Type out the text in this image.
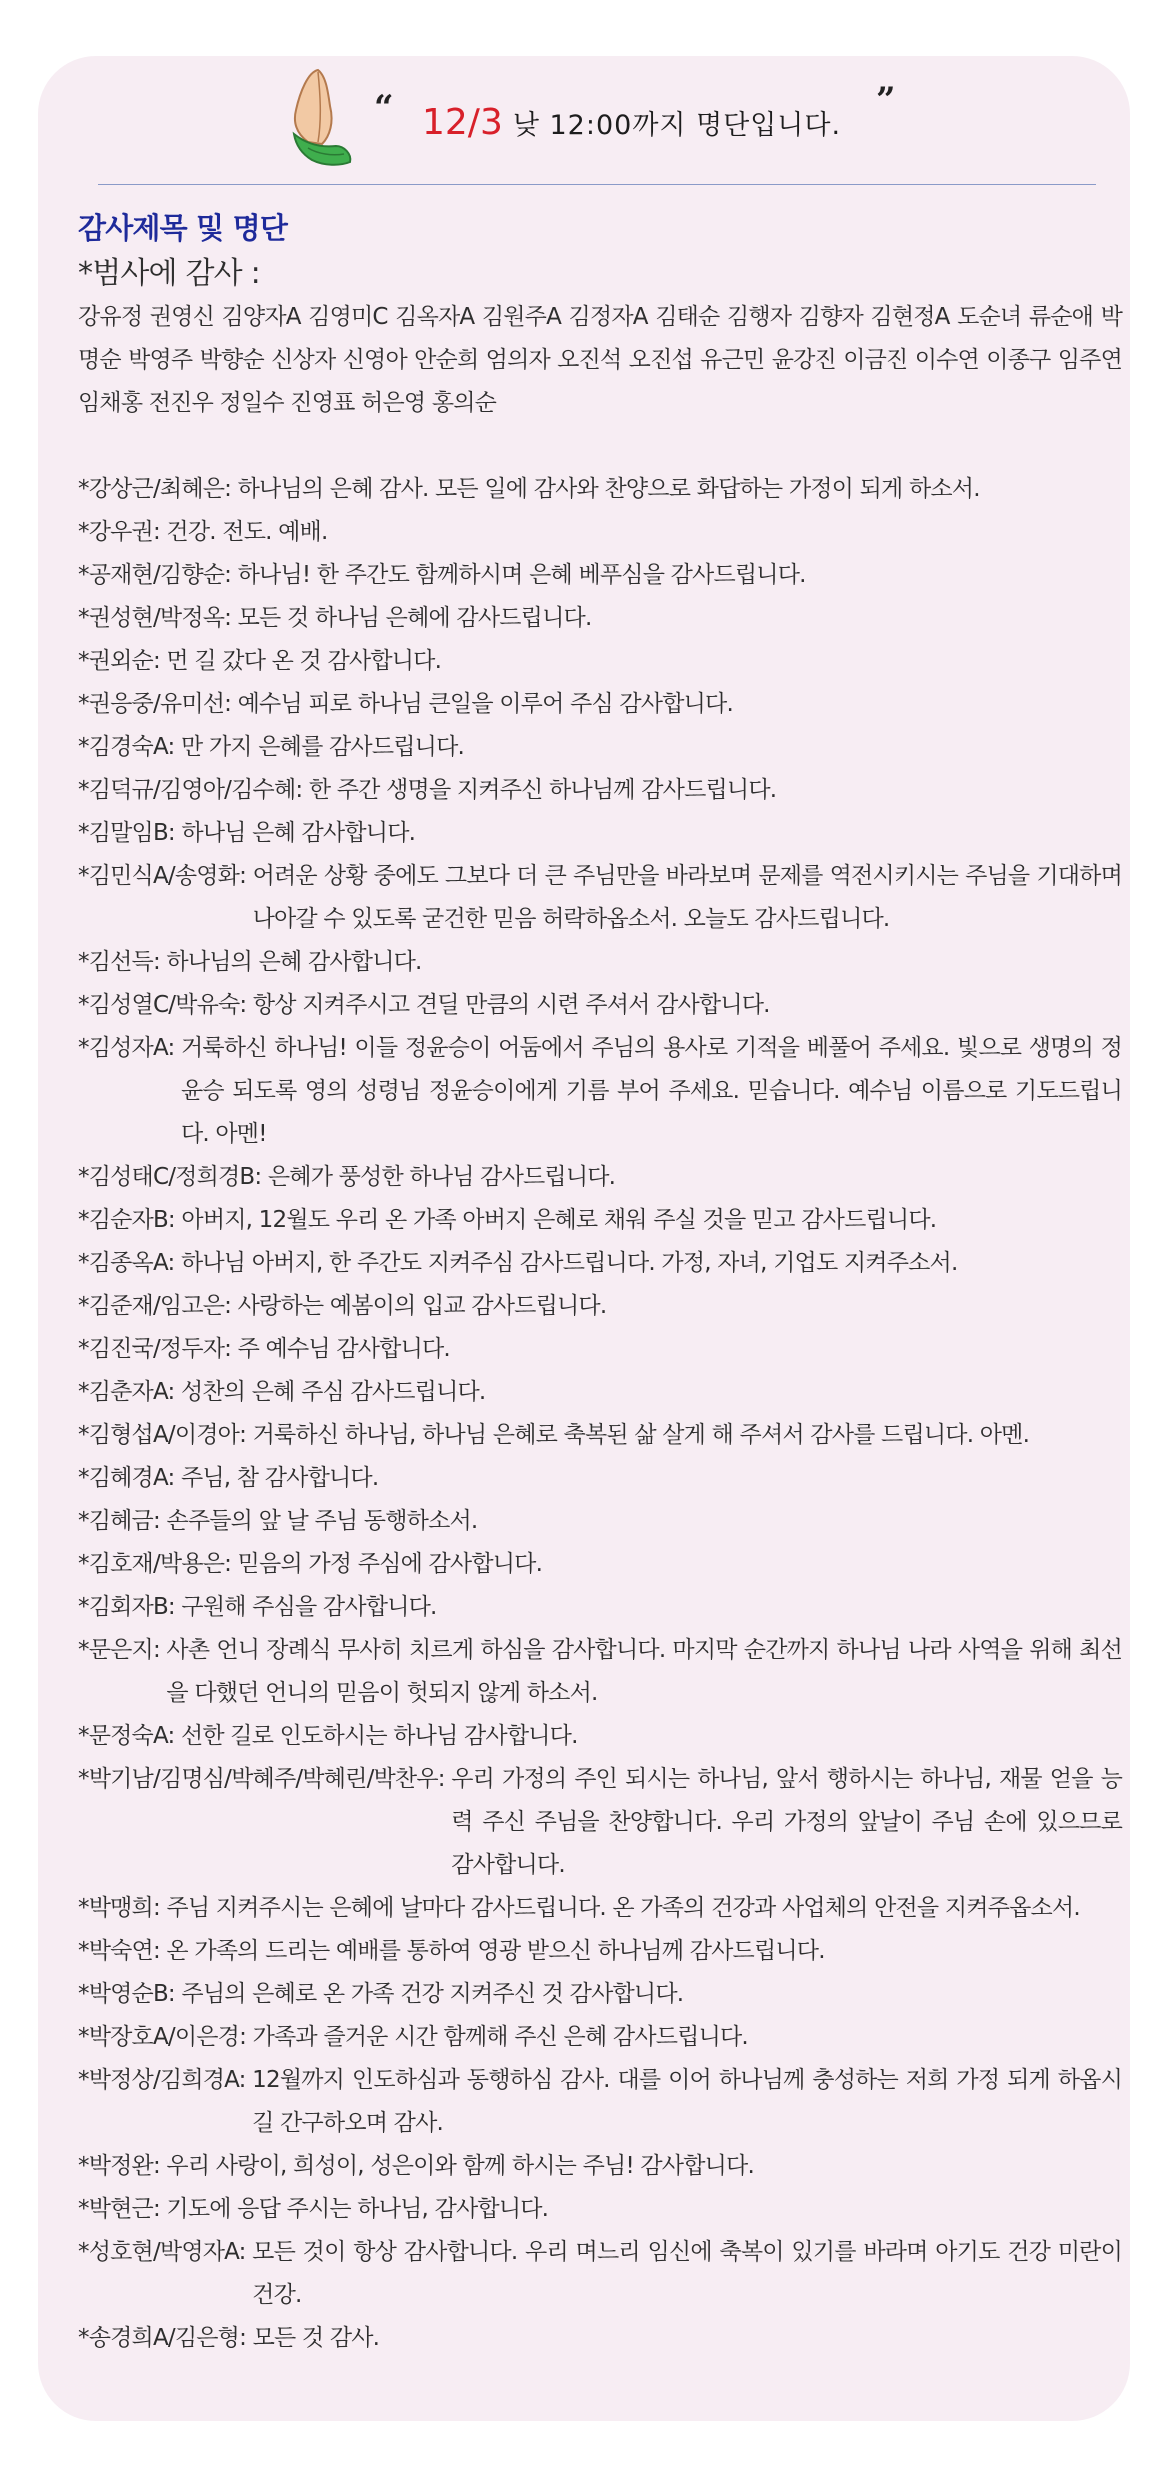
“ 12/3 낮 12:00까지 명단입니다.
”
감사제목 및 명단
*범사에 감사 :
강유정 권영신 김양자A 김영미C 김옥자A 김원주A 김정자A 김태순 김행자 김향자 김현정A 도순녀 류순애 박명순 박영주 박향순 신상자 신영아 안순희 엄의자 오진석 오진섭 유근민 윤강진 이금진 이수연 이종구 임주연 임채홍 전진우 정일수 진영표 허은영 홍의순
*강상근/최혜은:
하나님의 은혜 감사. 모든 일에 감사와 찬양으로 화답하는 가정이 되게 하소서.
*강우권:
건강. 전도. 예배.
*공재현/김향순:
하나님! 한 주간도 함께하시며 은혜 베푸심을 감사드립니다.
*권성현/박정옥:
모든 것 하나님 은혜에 감사드립니다.
*권외순:
먼 길 갔다 온 것 감사합니다.
*권응중/유미선:
예수님 피로 하나님 큰일을 이루어 주심 감사합니다.
*김경숙A:
만 가지 은혜를 감사드립니다.
*김덕규/김영아/김수혜:
한 주간 생명을 지켜주신 하나님께 감사드립니다.
*김말임B:
하나님 은혜 감사합니다.
*김민식A/송영화:
어려운 상황 중에도 그보다 더 큰 주님만을 바라보며 문제를 역전시키시는 주님을 기대하며 나아갈 수 있도록 굳건한 믿음 허락하옵소서. 오늘도 감사드립니다.
*김선득:
하나님의 은혜 감사합니다.
*김성열C/박유숙:
항상 지켜주시고 견딜 만큼의 시련 주셔서 감사합니다.
*김성자A:
거룩하신 하나님! 이들 정윤승이 어둠에서 주님의 용사로 기적을 베풀어 주세요. 빛으로 생명의 정윤승 되도록 영의 성령님 정윤승이에게 기름 부어 주세요. 믿습니다. 예수님 이름으로 기도드립니다. 아멘!
*김성태C/정희경B:
은혜가 풍성한 하나님 감사드립니다.
*김순자B:
아버지, 12월도 우리 온 가족 아버지 은혜로 채워 주실 것을 믿고 감사드립니다.
*김종옥A:
하나님 아버지, 한 주간도 지켜주심 감사드립니다. 가정, 자녀, 기업도 지켜주소서.
*김준재/임고은:
사랑하는 예봄이의 입교 감사드립니다.
*김진국/정두자:
주 예수님 감사합니다.
*김춘자A:
성찬의 은혜 주심 감사드립니다.
*김형섭A/이경아:
거룩하신 하나님, 하나님 은혜로 축복된 삶 살게 해 주셔서 감사를 드립니다. 아멘.
*김혜경A:
주님, 참 감사합니다.
*김혜금:
손주들의 앞 날 주님 동행하소서.
*김호재/박용은:
믿음의 가정 주심에 감사합니다.
*김회자B:
구원해 주심을 감사합니다.
*문은지:
사촌 언니 장례식 무사히 치르게 하심을 감사합니다. 마지막 순간까지 하나님 나라 사역을 위해 최선을 다했던 언니의 믿음이 헛되지 않게 하소서.
*문정숙A:
선한 길로 인도하시는 하나님 감사합니다.
*박기남/김명심/박혜주/박혜린/박찬우:
우리 가정의 주인 되시는 하나님, 앞서 행하시는 하나님, 재물 얻을 능력 주신 주님을 찬양합니다. 우리 가정의 앞날이 주님 손에 있으므로 감사합니다.
*박맹희:
주님 지켜주시는 은혜에 날마다 감사드립니다. 온 가족의 건강과 사업체의 안전을 지켜주옵소서.
*박숙연:
온 가족의 드리는 예배를 통하여 영광 받으신 하나님께 감사드립니다.
*박영순B:
주님의 은혜로 온 가족 건강 지켜주신 것 감사합니다.
*박장호A/이은경:
가족과 즐거운 시간 함께해 주신 은혜 감사드립니다.
*박정상/김희경A:
12월까지 인도하심과 동행하심 감사. 대를 이어 하나님께 충성하는 저희 가정 되게 하옵시길 간구하오며 감사.
*박정완:
우리 사랑이, 희성이, 성은이와 함께 하시는 주님! 감사합니다.
*박현근:
기도에 응답 주시는 하나님, 감사합니다.
*성호현/박영자A:
모든 것이 항상 감사합니다. 우리 며느리 임신에 축복이 있기를 바라며 아기도 건강 미란이 건강.
*송경희A/김은형:
모든 것 감사.
